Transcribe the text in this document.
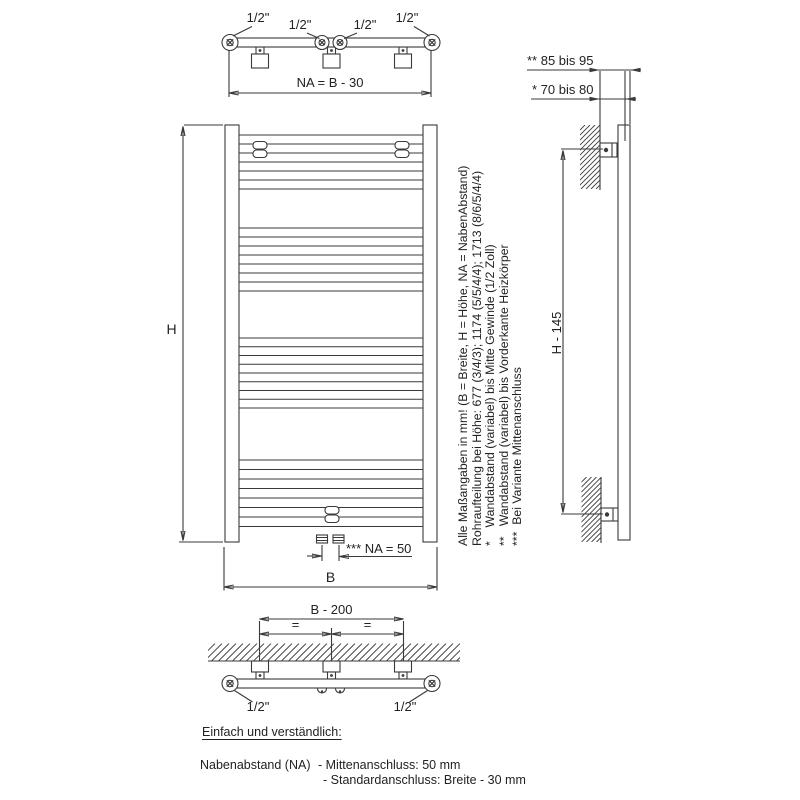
1/2" 1/2"	1/2" 1/2"
NA = B - 30
H
*** NA = 50
B
** 85 bis 95
* 70 bis 80
H - 145
Alle Maßangaben in mm! (B = Breite, H = Höhe, NA = NabenAbstand) Rohraufteilung bei Höhe: 677 (3/4/3); 1174 (5/5/4/4); 1713 (8/6/5/4/4) *    Wandabstand (variabel) bis Mitte Gewinde (1/2 Zoll) **   Wandabstand (variabel) bis Vorderkante Heizkörper ***  Bei Variante Mittenanschluss
B - 200
=	=
1/2"	1/2"
Einfach und verständlich:
Nabenabstand (NA) - Mittenanschluss: 50 mm
- Standardanschluss: Breite - 30 mm
